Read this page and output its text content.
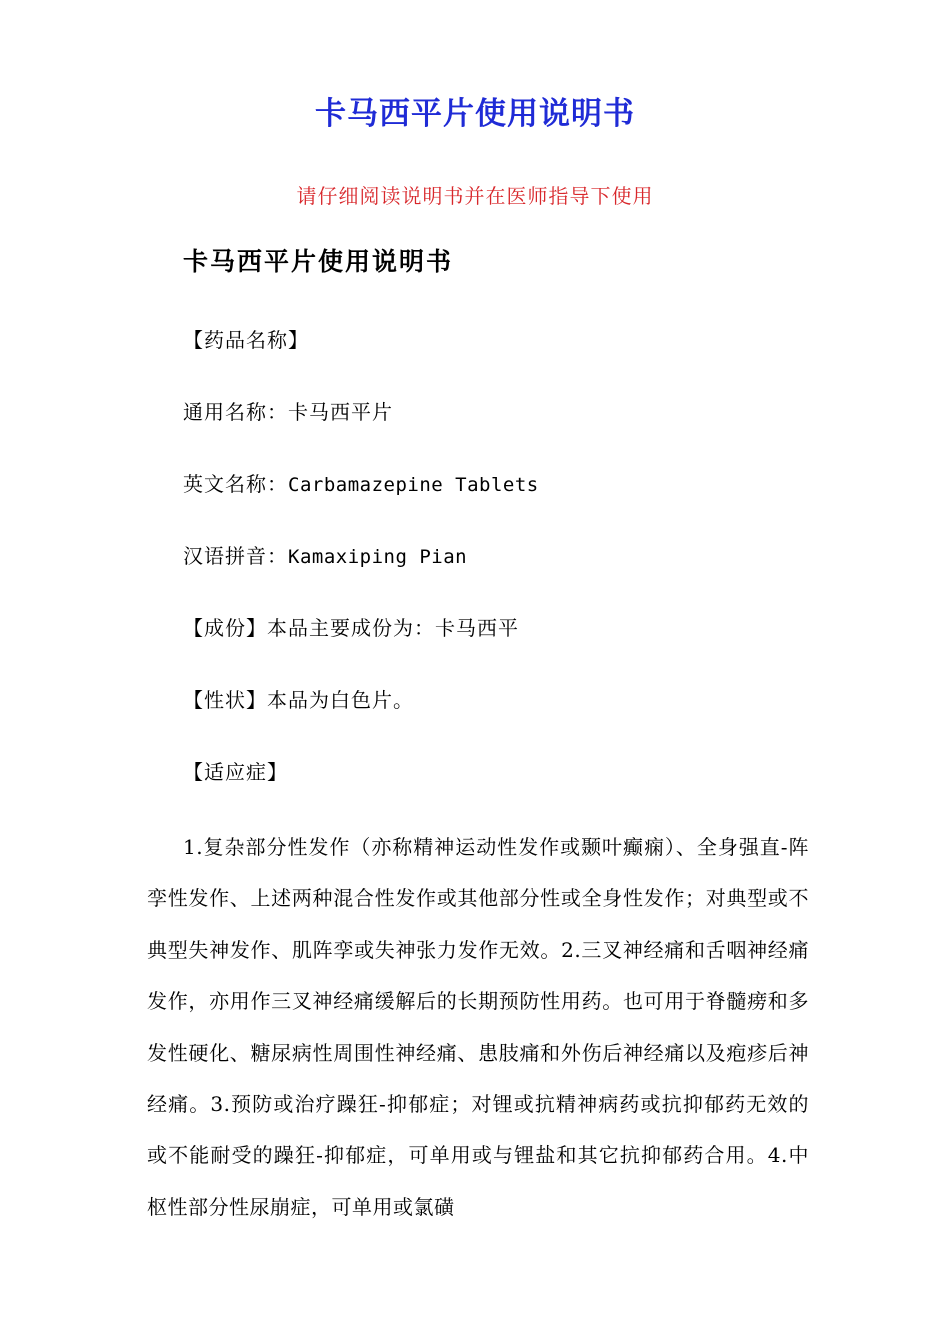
卡马西平片使用说明书

请仔细阅读说明书并在医师指导下使用

卡马西平片使用说明书

【药品名称】

通用名称：卡马西平片

英文名称：Carbamazepine Tablets

汉语拼音：Kamaxiping Pian

【成份】本品主要成份为：卡马西平

【性状】本品为白色片。

【适应症】

1.复杂部分性发作（亦称精神运动性发作或颞叶癫痫）、全身强直-阵孪性发作、上述两种混合性发作或其他部分性或全身性发作；对典型或不典型失神发作、肌阵孪或失神张力发作无效。2.三叉神经痛和舌咽神经痛发作，亦用作三叉神经痛缓解后的长期预防性用药。也可用于脊髓痨和多发性硬化、糖尿病性周围性神经痛、患肢痛和外伤后神经痛以及疱疹后神经痛。3.预防或治疗躁狂-抑郁症；对锂或抗精神病药或抗抑郁药无效的或不能耐受的躁狂-抑郁症，可单用或与锂盐和其它抗抑郁药合用。4.中枢性部分性尿崩症，可单用或氯磺
